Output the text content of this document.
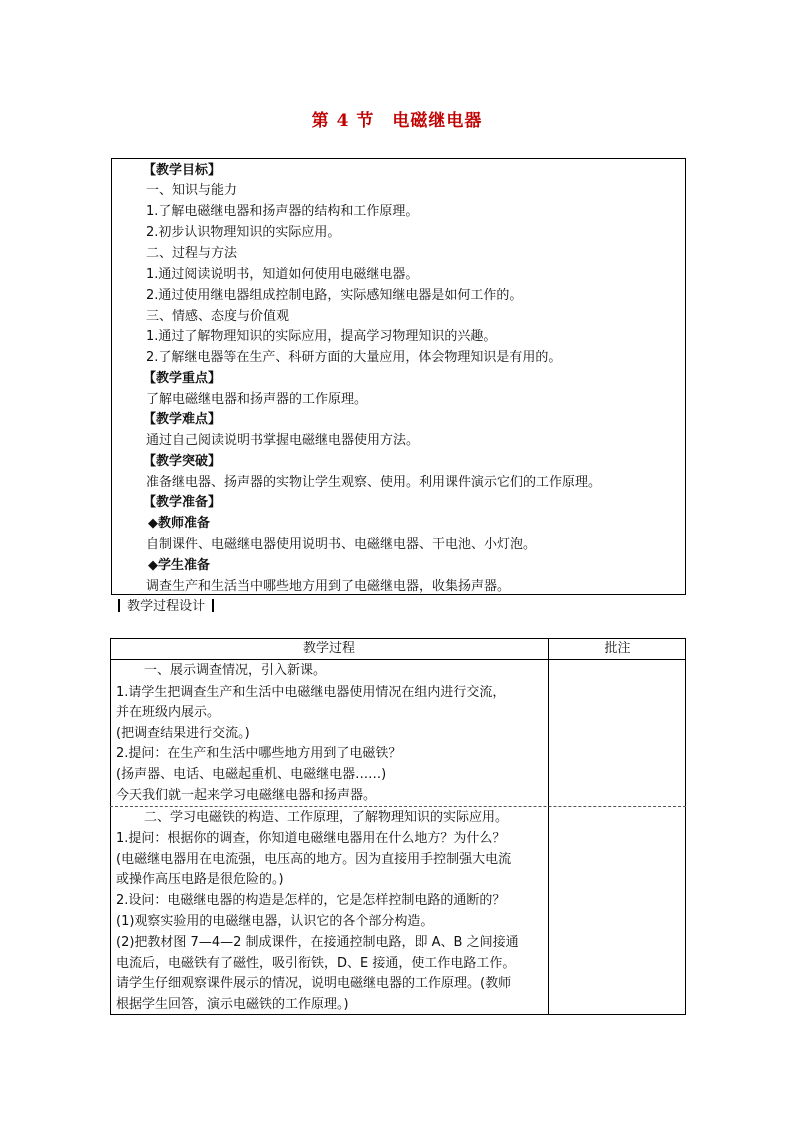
第 4 节　电磁继电器
【教学目标】
一、知识与能力
1.了解电磁继电器和扬声器的结构和工作原理。
2.初步认识物理知识的实际应用。
二、过程与方法
1.通过阅读说明书，知道如何使用电磁继电器。
2.通过使用继电器组成控制电路，实际感知继电器是如何工作的。
三、情感、态度与价值观
1.通过了解物理知识的实际应用，提高学习物理知识的兴趣。
2.了解继电器等在生产、科研方面的大量应用，体会物理知识是有用的。
【教学重点】
了解电磁继电器和扬声器的工作原理。
【教学难点】
通过自己阅读说明书掌握电磁继电器使用方法。
【教学突破】
准备继电器、扬声器的实物让学生观察、使用。利用课件演示它们的工作原理。
【教学准备】
◆教师准备
自制课件、电磁继电器使用说明书、电磁继电器、干电池、小灯泡。
◆学生准备
调查生产和生活当中哪些地方用到了电磁继电器，收集扬声器。
教学过程设计
教学过程	批注
一、展示调查情况，引入新课。
1.请学生把调查生产和生活中电磁继电器使用情况在组内进行交流，
并在班级内展示。
(把调查结果进行交流。)
2.提问：在生产和生活中哪些地方用到了电磁铁？
(扬声器、电话、电磁起重机、电磁继电器……)
今天我们就一起来学习电磁继电器和扬声器。
二、学习电磁铁的构造、工作原理，了解物理知识的实际应用。
1.提问：根据你的调查，你知道电磁继电器用在什么地方？为什么？
(电磁继电器用在电流强，电压高的地方。因为直接用手控制强大电流
或操作高压电路是很危险的。)
2.设问：电磁继电器的构造是怎样的，它是怎样控制电路的通断的？
(1)观察实验用的电磁继电器，认识它的各个部分构造。
(2)把教材图 7—4—2 制成课件，在接通控制电路，即 A、B 之间接通
电流后，电磁铁有了磁性，吸引衔铁，D、E 接通，使工作电路工作。
请学生仔细观察课件展示的情况，说明电磁继电器的工作原理。(教师
根据学生回答，演示电磁铁的工作原理。)
